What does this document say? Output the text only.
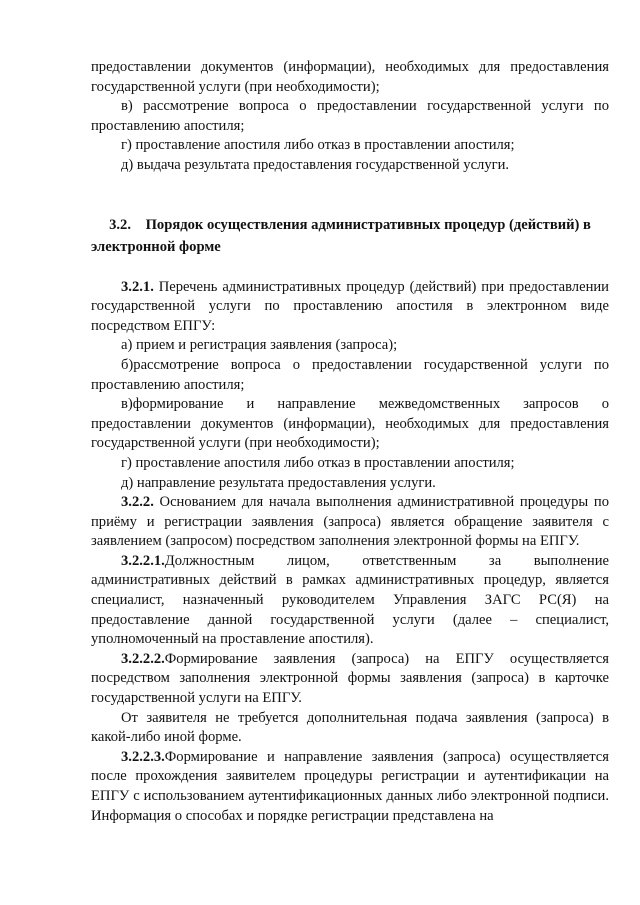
предоставлении документов (информации), необходимых для предоставления государственной услуги (при необходимости);

в) рассмотрение вопроса о предоставлении государственной услуги по проставлению апостиля;

г) проставление апостиля либо отказ в проставлении апостиля;

д) выдача результата предоставления государственной услуги.

3.2. Порядок осуществления административных процедур (действий) в электронной форме

3.2.1. Перечень административных процедур (действий) при предоставлении государственной услуги по проставлению апостиля в электронном виде посредством ЕПГУ:

а) прием и регистрация заявления (запроса);

б)рассмотрение вопроса о предоставлении государственной услуги по проставлению апостиля;

в)формирование и направление межведомственных запросов о предоставлении документов (информации), необходимых для предоставления государственной услуги (при необходимости);

г) проставление апостиля либо отказ в проставлении апостиля;

д) направление результата предоставления услуги.

3.2.2. Основанием для начала выполнения административной процедуры по приёму и регистрации заявления (запроса) является обращение заявителя с заявлением (запросом) посредством заполнения электронной формы на ЕПГУ.

3.2.2.1.Должностным лицом, ответственным за выполнение административных действий в рамках административных процедур, является специалист, назначенный руководителем Управления ЗАГС РС(Я) на предоставление данной государственной услуги (далее – специалист, уполномоченный на проставление апостиля).

3.2.2.2.Формирование заявления (запроса) на ЕПГУ осуществляется посредством заполнения электронной формы заявления (запроса) в карточке государственной услуги на ЕПГУ.

От заявителя не требуется дополнительная подача заявления (запроса) в какой-либо иной форме.

3.2.2.3.Формирование и направление заявления (запроса) осуществляется после прохождения заявителем процедуры регистрации и аутентификации на ЕПГУ с использованием аутентификационных данных либо электронной подписи. Информация о способах и порядке регистрации представлена на
